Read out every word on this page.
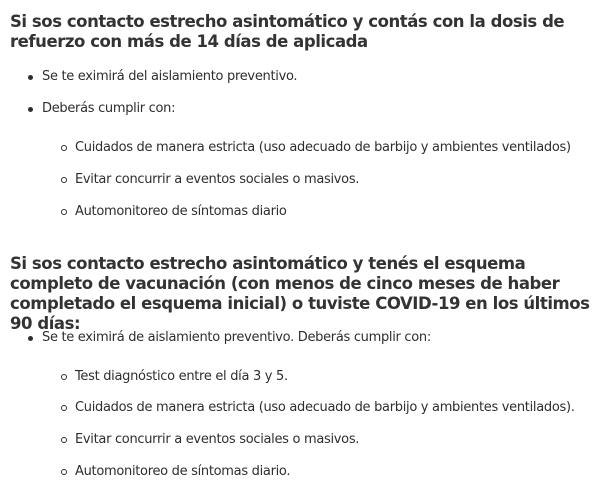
Si sos contacto estrecho asintomático y contás con la dosis de refuerzo con más de 14 días de aplicada
Se te eximirá del aislamiento preventivo.
Deberás cumplir con:
Cuidados de manera estricta (uso adecuado de barbijo y ambientes ventilados)
Evitar concurrir a eventos sociales o masivos.
Automonitoreo de síntomas diario
Si sos contacto estrecho asintomático y tenés el esquema completo de vacunación (con menos de cinco meses de haber completado el esquema inicial) o tuviste COVID-19 en los últimos 90 días:
Se te eximirá de aislamiento preventivo. Deberás cumplir con:
Test diagnóstico entre el día 3 y 5.
Cuidados de manera estricta (uso adecuado de barbijo y ambientes ventilados).
Evitar concurrir a eventos sociales o masivos.
Automonitoreo de síntomas diario.
